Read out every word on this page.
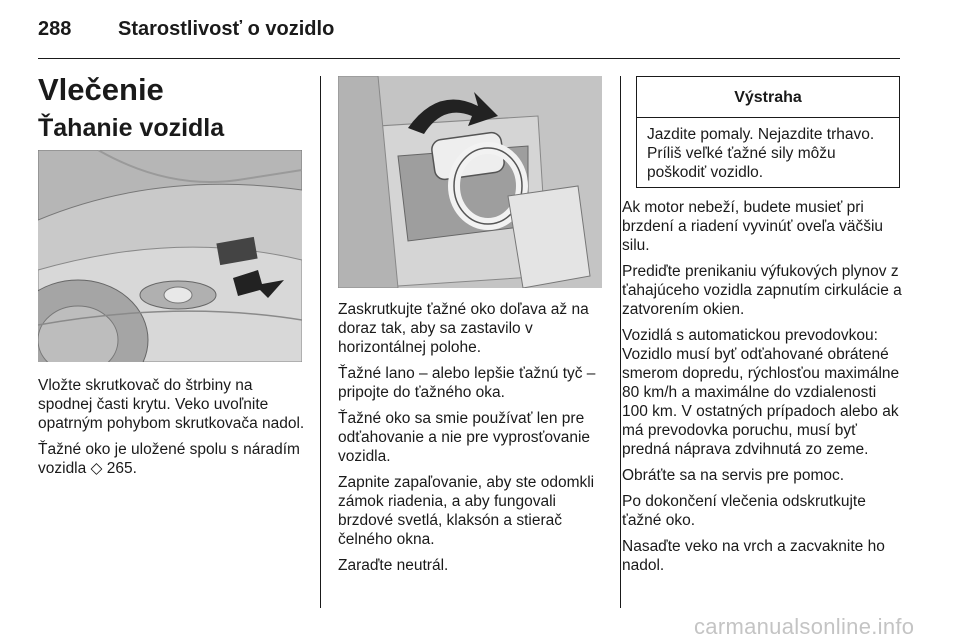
288 Starostlivosť o vozidlo
Vlečenie
Ťahanie vozidla

Vložte skrutkovač do štrbiny na spodnej časti krytu. Veko uvoľnite opatrným pohybom skrutkovača nadol.

Ťažné oko je uložené spolu s náradím vozidla ◇ 265.

Zaskrutkujte ťažné oko doľava až na doraz tak, aby sa zastavilo v horizontálnej polohe.

Ťažné lano – alebo lepšie ťažnú tyč – pripojte do ťažného oka.

Ťažné oko sa smie používať len pre odťahovanie a nie pre vyprosťovanie vozidla.

Zapnite zapaľovanie, aby ste odomkli zámok riadenia, a aby fungovali brzdové svetlá, klaksón a stierač čelného okna.

Zaraďte neutrál.

Výstraha
Jazdite pomaly. Nejazdite trhavo. Príliš veľké ťažné sily môžu poškodiť vozidlo.

Ak motor nebeží, budete musieť pri brzdení a riadení vyvinúť oveľa väčšiu silu.

Prediďte prenikaniu výfukových plynov z ťahajúceho vozidla zapnutím cirkulácie a zatvorením okien.

Vozidlá s automatickou prevodovkou: Vozidlo musí byť odťahované obrátené smerom dopredu, rýchlosťou maximálne 80 km/h a maximálne do vzdialenosti 100 km. V ostatných prípadoch alebo ak má prevodovka poruchu, musí byť predná náprava zdvihnutá zo zeme.

Obráťte sa na servis pre pomoc.

Po dokončení vlečenia odskrutkujte ťažné oko.

Nasaďte veko na vrch a zacvaknite ho nadol.

carmanualsonline.info
